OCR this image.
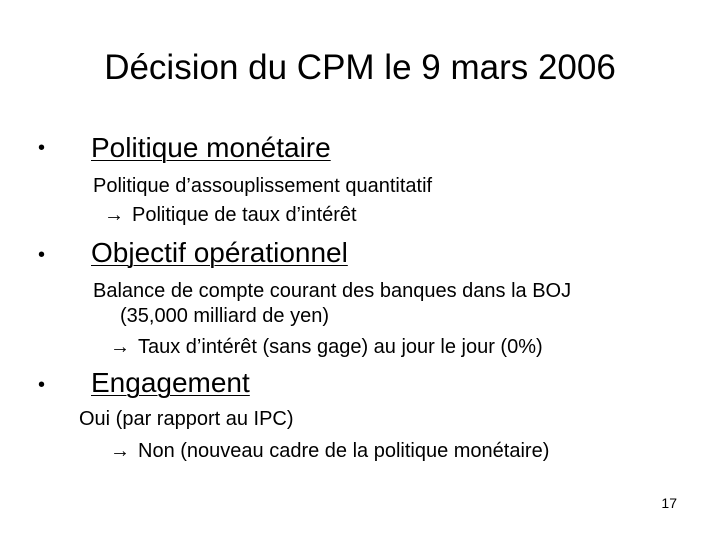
Décision du CPM le 9 mars 2006
• Politique monétaire
Politique d’assouplissement quantitatif
→ Politique de taux d’intérêt
• Objectif opérationnel
Balance de compte courant des banques dans la BOJ
(35,000 milliard de yen)
→ Taux d’intérêt (sans gage) au jour le jour (0%)
• Engagement
Oui (par rapport au IPC)
→ Non (nouveau cadre de la politique monétaire)
17
